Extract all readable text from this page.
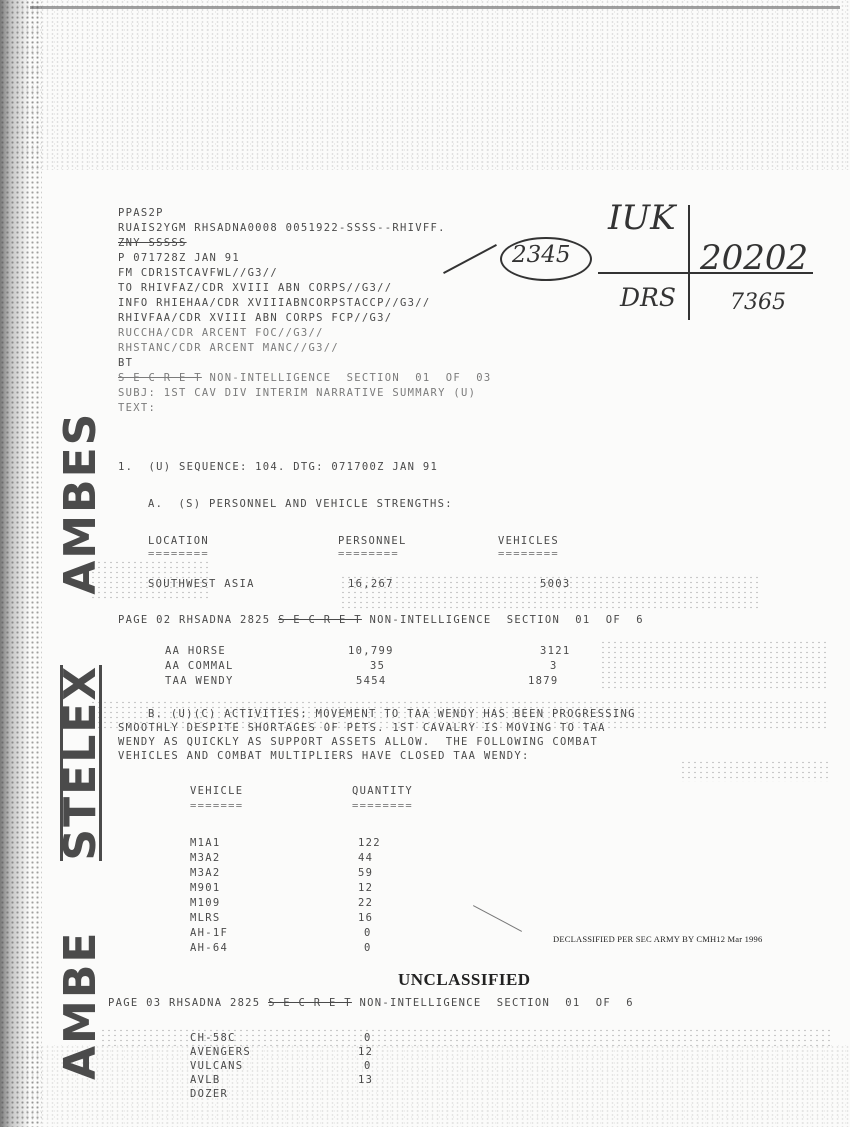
AMBESTELEXAMBES
IUK
2345	20202
DRS 7365
PPAS2P
RUAIS2YGM RHSADNA0008 0051922-SSSS--RHIVFF.
ZNY SSSSS
P 071728Z JAN 91
FM CDR1STCAVFWL//G3//
TO RHIVFAZ/CDR XVIII ABN CORPS//G3//
INFO RHIEHAA/CDR XVIIIABNCORPSTACCP//G3//
RHIVFAA/CDR XVIII ABN CORPS FCP//G3/
RUCCHA/CDR ARCENT FOC//G3//
RHSTANC/CDR ARCENT MANC//G3//
BT
S E C R E T NON-INTELLIGENCE  SECTION  01  OF  03
SUBJ: 1ST CAV DIV INTERIM NARRATIVE SUMMARY (U)
TEXT:
1.  (U) SEQUENCE: 104. DTG: 071700Z JAN 91
A.  (S) PERSONNEL AND VEHICLE STRENGTHS:
LOCATION	PERSONNEL	VEHICLES
========	========	========
SOUTHWEST ASIA	16,267	5003
PAGE 02 RHSADNA 2825 S E C R E T NON-INTELLIGENCE  SECTION  01  OF  6
AA HORSE	10,799	3121
AA COMMAL	35	3
TAA WENDY	5454	1879
B. (U)(C) ACTIVITIES: MOVEMENT TO TAA WENDY HAS BEEN PROGRESSING
SMOOTHLY DESPITE SHORTAGES OF PETS. 1ST CAVALRY IS MOVING TO TAA
WENDY AS QUICKLY AS SUPPORT ASSETS ALLOW.  THE FOLLOWING COMBAT
VEHICLES AND COMBAT MULTIPLIERS HAVE CLOSED TAA WENDY:
VEHICLE	QUANTITY
=======	========
M1A1	122
M3A2	44
M3A2	59
M901	12
M109	22
MLRS	16
AH-1F	0
AH-64	0
DECLASSIFIED PER SEC ARMY BY CMH12 Mar 1996
UNCLASSIFIED
PAGE 03 RHSADNA 2825 S E C R E T NON-INTELLIGENCE  SECTION  01  OF  6
CH-58C	0
AVENGERS	12
VULCANS	0
AVLB	13
DOZER
